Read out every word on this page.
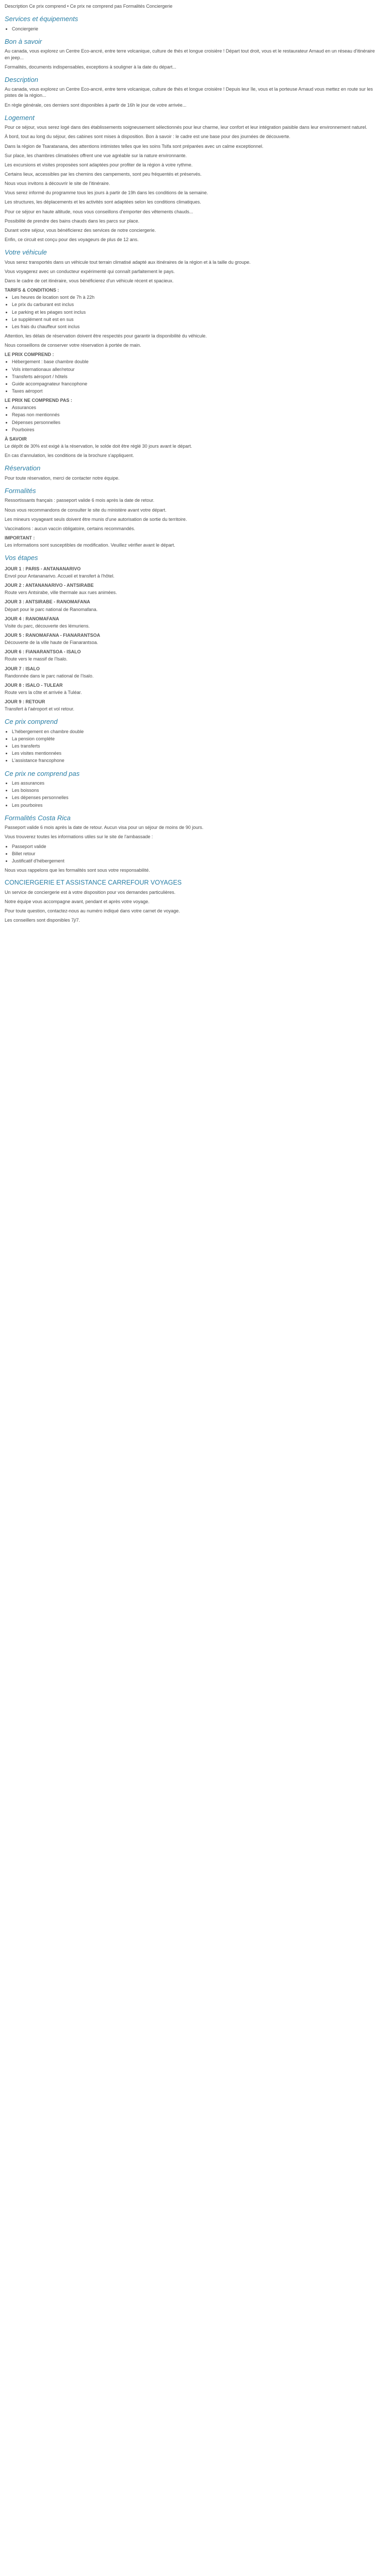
Description Ce prix comprend • Ce prix ne comprend pas Formalités Conciergerie

Services et équipements
• Conciergerie
Bon à savoir

Au canada, vous explorez un Centre Eco-ancré, entre terre volcanique, culture de thés et longue croisière ! Départ tout droit, vous et le restaurateur Arnaud en un réseau d'itinéraire en jeep...

Formalités, documents indispensables, exceptions à souligner à la date du départ...

Description

Au canada, vous explorez un Centre Eco-ancré, entre terre volcanique, culture de thés et longue croisière ! Depuis leur île, vous et la porteuse Arnaud vous mettez en route sur les pistes de la région...

En règle générale, ces derniers sont disponibles à partir de 16h le jour de votre arrivée...

Logement

Pour ce séjour, vous serez logé dans des établissements soigneusement sélectionnés pour leur charme, leur confort et leur intégration paisible dans leur environnement naturel.

À bord, tout au long du séjour, des cabines sont mises à disposition. Bon à savoir : le cadre est une base pour des journées de découverte.

Dans la région de Tsaratanana, des attentions intimistes telles que les soins Tsifa sont préparées avec un calme exceptionnel.

Sur place, les chambres climatisées offrent une vue agréable sur la nature environnante.

Les excursions et visites proposées sont adaptées pour profiter de la région à votre rythme.

Certains lieux, accessibles par les chemins des campements, sont peu fréquentés et préservés.

Nous vous invitons à découvrir le site de l'itinéraire.

Vous serez informé du programme tous les jours à partir de 19h dans les conditions de la semaine.

Les structures, les déplacements et les activités sont adaptées selon les conditions climatiques.

Pour ce séjour en haute altitude, nous vous conseillons d'emporter des vêtements chauds...

Possibilité de prendre des bains chauds dans les parcs sur place.

Durant votre séjour, vous bénéficierez des services de notre conciergerie.

Enfin, ce circuit est conçu pour des voyageurs de plus de 12 ans.

Votre véhicule

Vous serez transportés dans un véhicule tout terrain climatisé adapté aux itinéraires de la région et à la taille du groupe.

Vous voyagerez avec un conducteur expérimenté qui connaît parfaitement le pays.

Dans le cadre de cet itinéraire, vous bénéficierez d'un véhicule récent et spacieux.

TARIFS & CONDITIONS :
• Les heures de location sont de 7h à 22h
• Le prix du carburant est inclus
• Le parking et les péages sont inclus
• Le supplément nuit est en sus
• Les frais du chauffeur sont inclus

Attention, les délais de réservation doivent être respectés pour garantir la disponibilité du véhicule.

Nous conseillons de conserver votre réservation à portée de main.

LE PRIX COMPREND :
• Hébergement : base chambre double
• Vols internationaux aller/retour
• Transferts aéroport / hôtels
• Guide accompagnateur francophone
• Taxes aéroport
LE PRIX NE COMPREND PAS :
• Assurances
• Repas non mentionnés
• Dépenses personnelles
• Pourboires
À SAVOIR

Le dépôt de 30% est exigé à la réservation, le solde doit être réglé 30 jours avant le départ.

En cas d'annulation, les conditions de la brochure s'appliquent.

Réservation

Pour toute réservation, merci de contacter notre équipe.

Formalités

Ressortissants français : passeport valide 6 mois après la date de retour.

Nous vous recommandons de consulter le site du ministère avant votre départ.

Les mineurs voyageant seuls doivent être munis d'une autorisation de sortie du territoire.

Vaccinations : aucun vaccin obligatoire, certains recommandés.

IMPORTANT :

Les informations sont susceptibles de modification. Veuillez vérifier avant le départ.

Vos étapes
JOUR 1 : PARIS - ANTANANARIVO

Envol pour Antananarivo. Accueil et transfert à l'hôtel.

JOUR 2 : ANTANANARIVO - ANTSIRABE

Route vers Antsirabe, ville thermale aux rues animées.

JOUR 3 : ANTSIRABE - RANOMAFANA

Départ pour le parc national de Ranomafana.

JOUR 4 : RANOMAFANA

Visite du parc, découverte des lémuriens.

JOUR 5 : RANOMAFANA - FIANARANTSOA

Découverte de la ville haute de Fianarantsoa.

JOUR 6 : FIANARANTSOA - ISALO

Route vers le massif de l'Isalo.

JOUR 7 : ISALO

Randonnée dans le parc national de l'Isalo.

JOUR 8 : ISALO - TULEAR

Route vers la côte et arrivée à Tuléar.

JOUR 9 : RETOUR

Transfert à l'aéroport et vol retour.

Ce prix comprend
• L'hébergement en chambre double
• La pension complète
• Les transferts
• Les visites mentionnées
• L'assistance francophone
Ce prix ne comprend pas
• Les assurances
• Les boissons
• Les dépenses personnelles
• Les pourboires
Formalités Costa Rica

Passeport valide 6 mois après la date de retour. Aucun visa pour un séjour de moins de 90 jours.

Vous trouverez toutes les informations utiles sur le site de l'ambassade :

• Passeport valide
• Billet retour
• Justificatif d'hébergement

Nous vous rappelons que les formalités sont sous votre responsabilité.

CONCIERGERIE ET ASSISTANCE CARREFOUR VOYAGES

Un service de conciergerie est à votre disposition pour vos demandes particulières.

Notre équipe vous accompagne avant, pendant et après votre voyage.

Pour toute question, contactez-nous au numéro indiqué dans votre carnet de voyage.

Les conseillers sont disponibles 7j/7.
